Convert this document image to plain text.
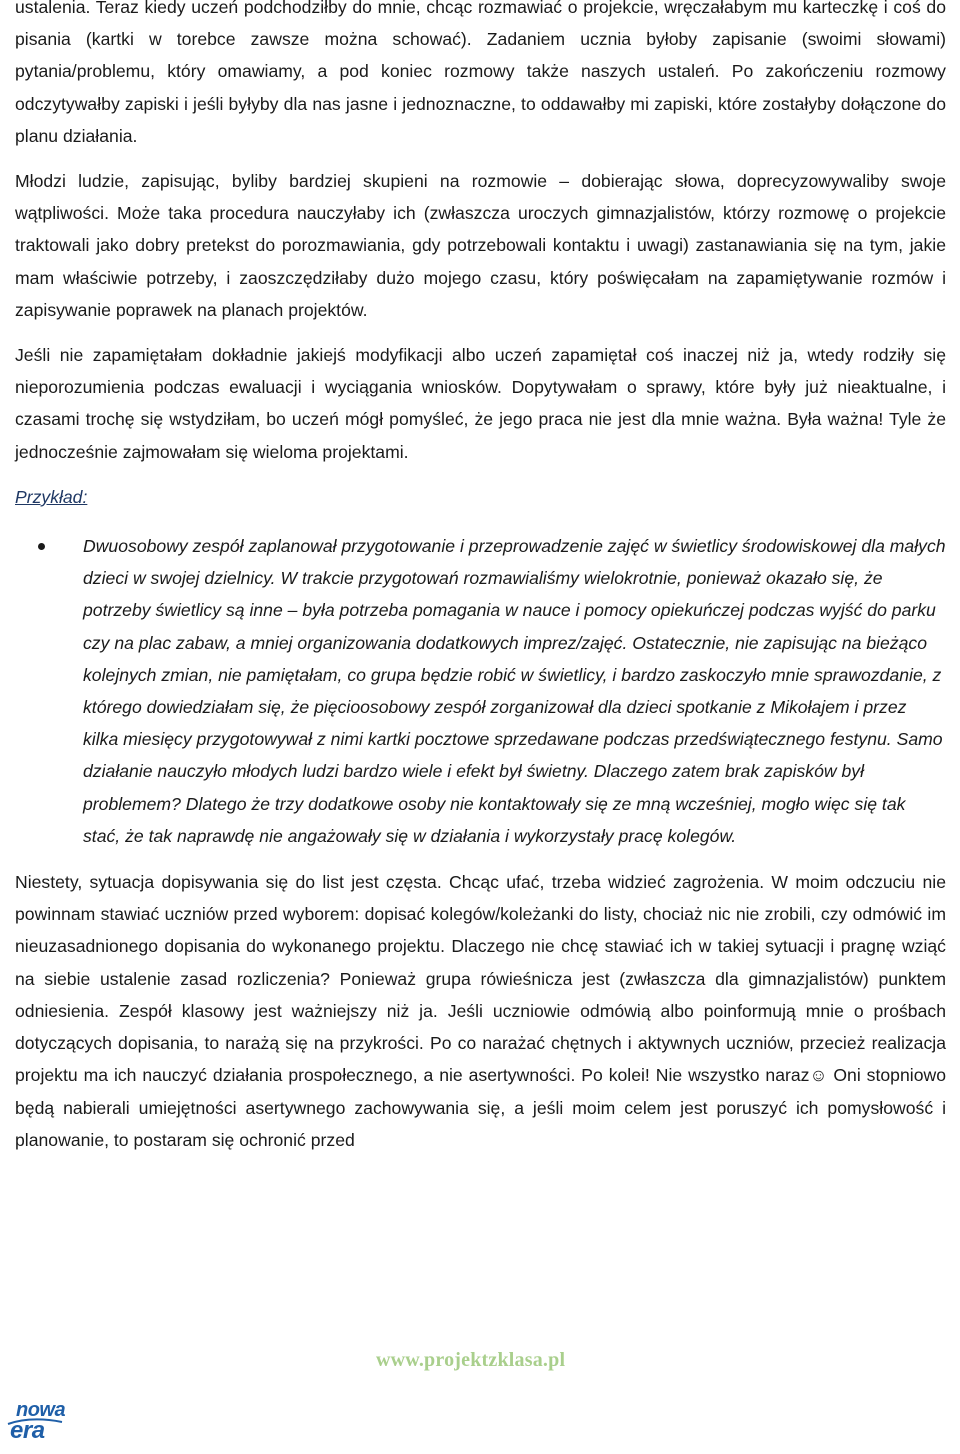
ustalenia. Teraz kiedy uczeń podchodziłby do mnie, chcąc rozmawiać o projekcie, wręczałabym mu karteczkę i coś do pisania (kartki w torebce zawsze można schować). Zadaniem ucznia byłoby zapisanie (swoimi słowami) pytania/problemu, który omawiamy, a pod koniec rozmowy także naszych ustaleń. Po zakończeniu rozmowy odczytywałby zapiski i jeśli byłyby dla nas jasne i jednoznaczne, to oddawałby mi zapiski, które zostałyby dołączone do planu działania.

Młodzi ludzie, zapisując, byliby bardziej skupieni na rozmowie – dobierając słowa, doprecyzowywaliby swoje wątpliwości. Może taka procedura nauczyłaby ich (zwłaszcza uroczych gimnazjalistów, którzy rozmowę o projekcie traktowali jako dobry pretekst do porozmawiania, gdy potrzebowali kontaktu i uwagi) zastanawiania się na tym, jakie mam właściwie potrzeby, i zaoszczędziłaby dużo mojego czasu, który poświęcałam na zapamiętywanie rozmów i zapisywanie poprawek na planach projektów.

Jeśli nie zapamiętałam dokładnie jakiejś modyfikacji albo uczeń zapamiętał coś inaczej niż ja, wtedy rodziły się nieporozumienia podczas ewaluacji i wyciągania wniosków. Dopytywałam o sprawy, które były już nieaktualne, i czasami trochę się wstydziłam, bo uczeń mógł pomyśleć, że jego praca nie jest dla mnie ważna. Była ważna! Tyle że jednocześnie zajmowałam się wieloma projektami.

Przykład:

Dwuosobowy zespół zaplanował przygotowanie i przeprowadzenie zajęć w świetlicy środowiskowej dla małych dzieci w swojej dzielnicy. W trakcie przygotowań rozmawialiśmy wielokrotnie, ponieważ okazało się, że potrzeby świetlicy są inne – była potrzeba pomagania w nauce i pomocy opiekuńczej podczas wyjść do parku czy na plac zabaw, a mniej organizowania dodatkowych imprez/zajęć. Ostatecznie, nie zapisując na bieżąco kolejnych zmian, nie pamiętałam, co grupa będzie robić w świetlicy, i bardzo zaskoczyło mnie sprawozdanie, z którego dowiedziałam się, że pięcioosobowy zespół zorganizował dla dzieci spotkanie z Mikołajem i przez kilka miesięcy przygotowywał z nimi kartki pocztowe sprzedawane podczas przedświątecznego festynu. Samo działanie nauczyło młodych ludzi bardzo wiele i efekt był świetny. Dlaczego zatem brak zapisków był problemem? Dlatego że trzy dodatkowe osoby nie kontaktowały się ze mną wcześniej, mogło więc się tak stać, że tak naprawdę nie angażowały się w działania i wykorzystały pracę kolegów.

Niestety, sytuacja dopisywania się do list jest częsta. Chcąc ufać, trzeba widzieć zagrożenia. W moim odczuciu nie powinnam stawiać uczniów przed wyborem: dopisać kolegów/koleżanki do listy, chociaż nic nie zrobili, czy odmówić im nieuzasadnionego dopisania do wykonanego projektu. Dlaczego nie chcę stawiać ich w takiej sytuacji i pragnę wziąć na siebie ustalenie zasad rozliczenia? Ponieważ grupa rówieśnicza jest (zwłaszcza dla gimnazjalistów) punktem odniesienia. Zespół klasowy jest ważniejszy niż ja. Jeśli uczniowie odmówią albo poinformują mnie o prośbach dotyczących dopisania, to narażą się na przykrości. Po co narażać chętnych i aktywnych uczniów, przecież realizacja projektu ma ich nauczyć działania prospołecznego, a nie asertywności. Po kolei! Nie wszystko naraz☺ Oni stopniowo będą nabierali umiejętności asertywnego zachowywania się, a jeśli moim celem jest poruszyć ich pomysłowość i planowanie, to postaram się ochronić przed

www.projektzklasa.pl
nowa
era
